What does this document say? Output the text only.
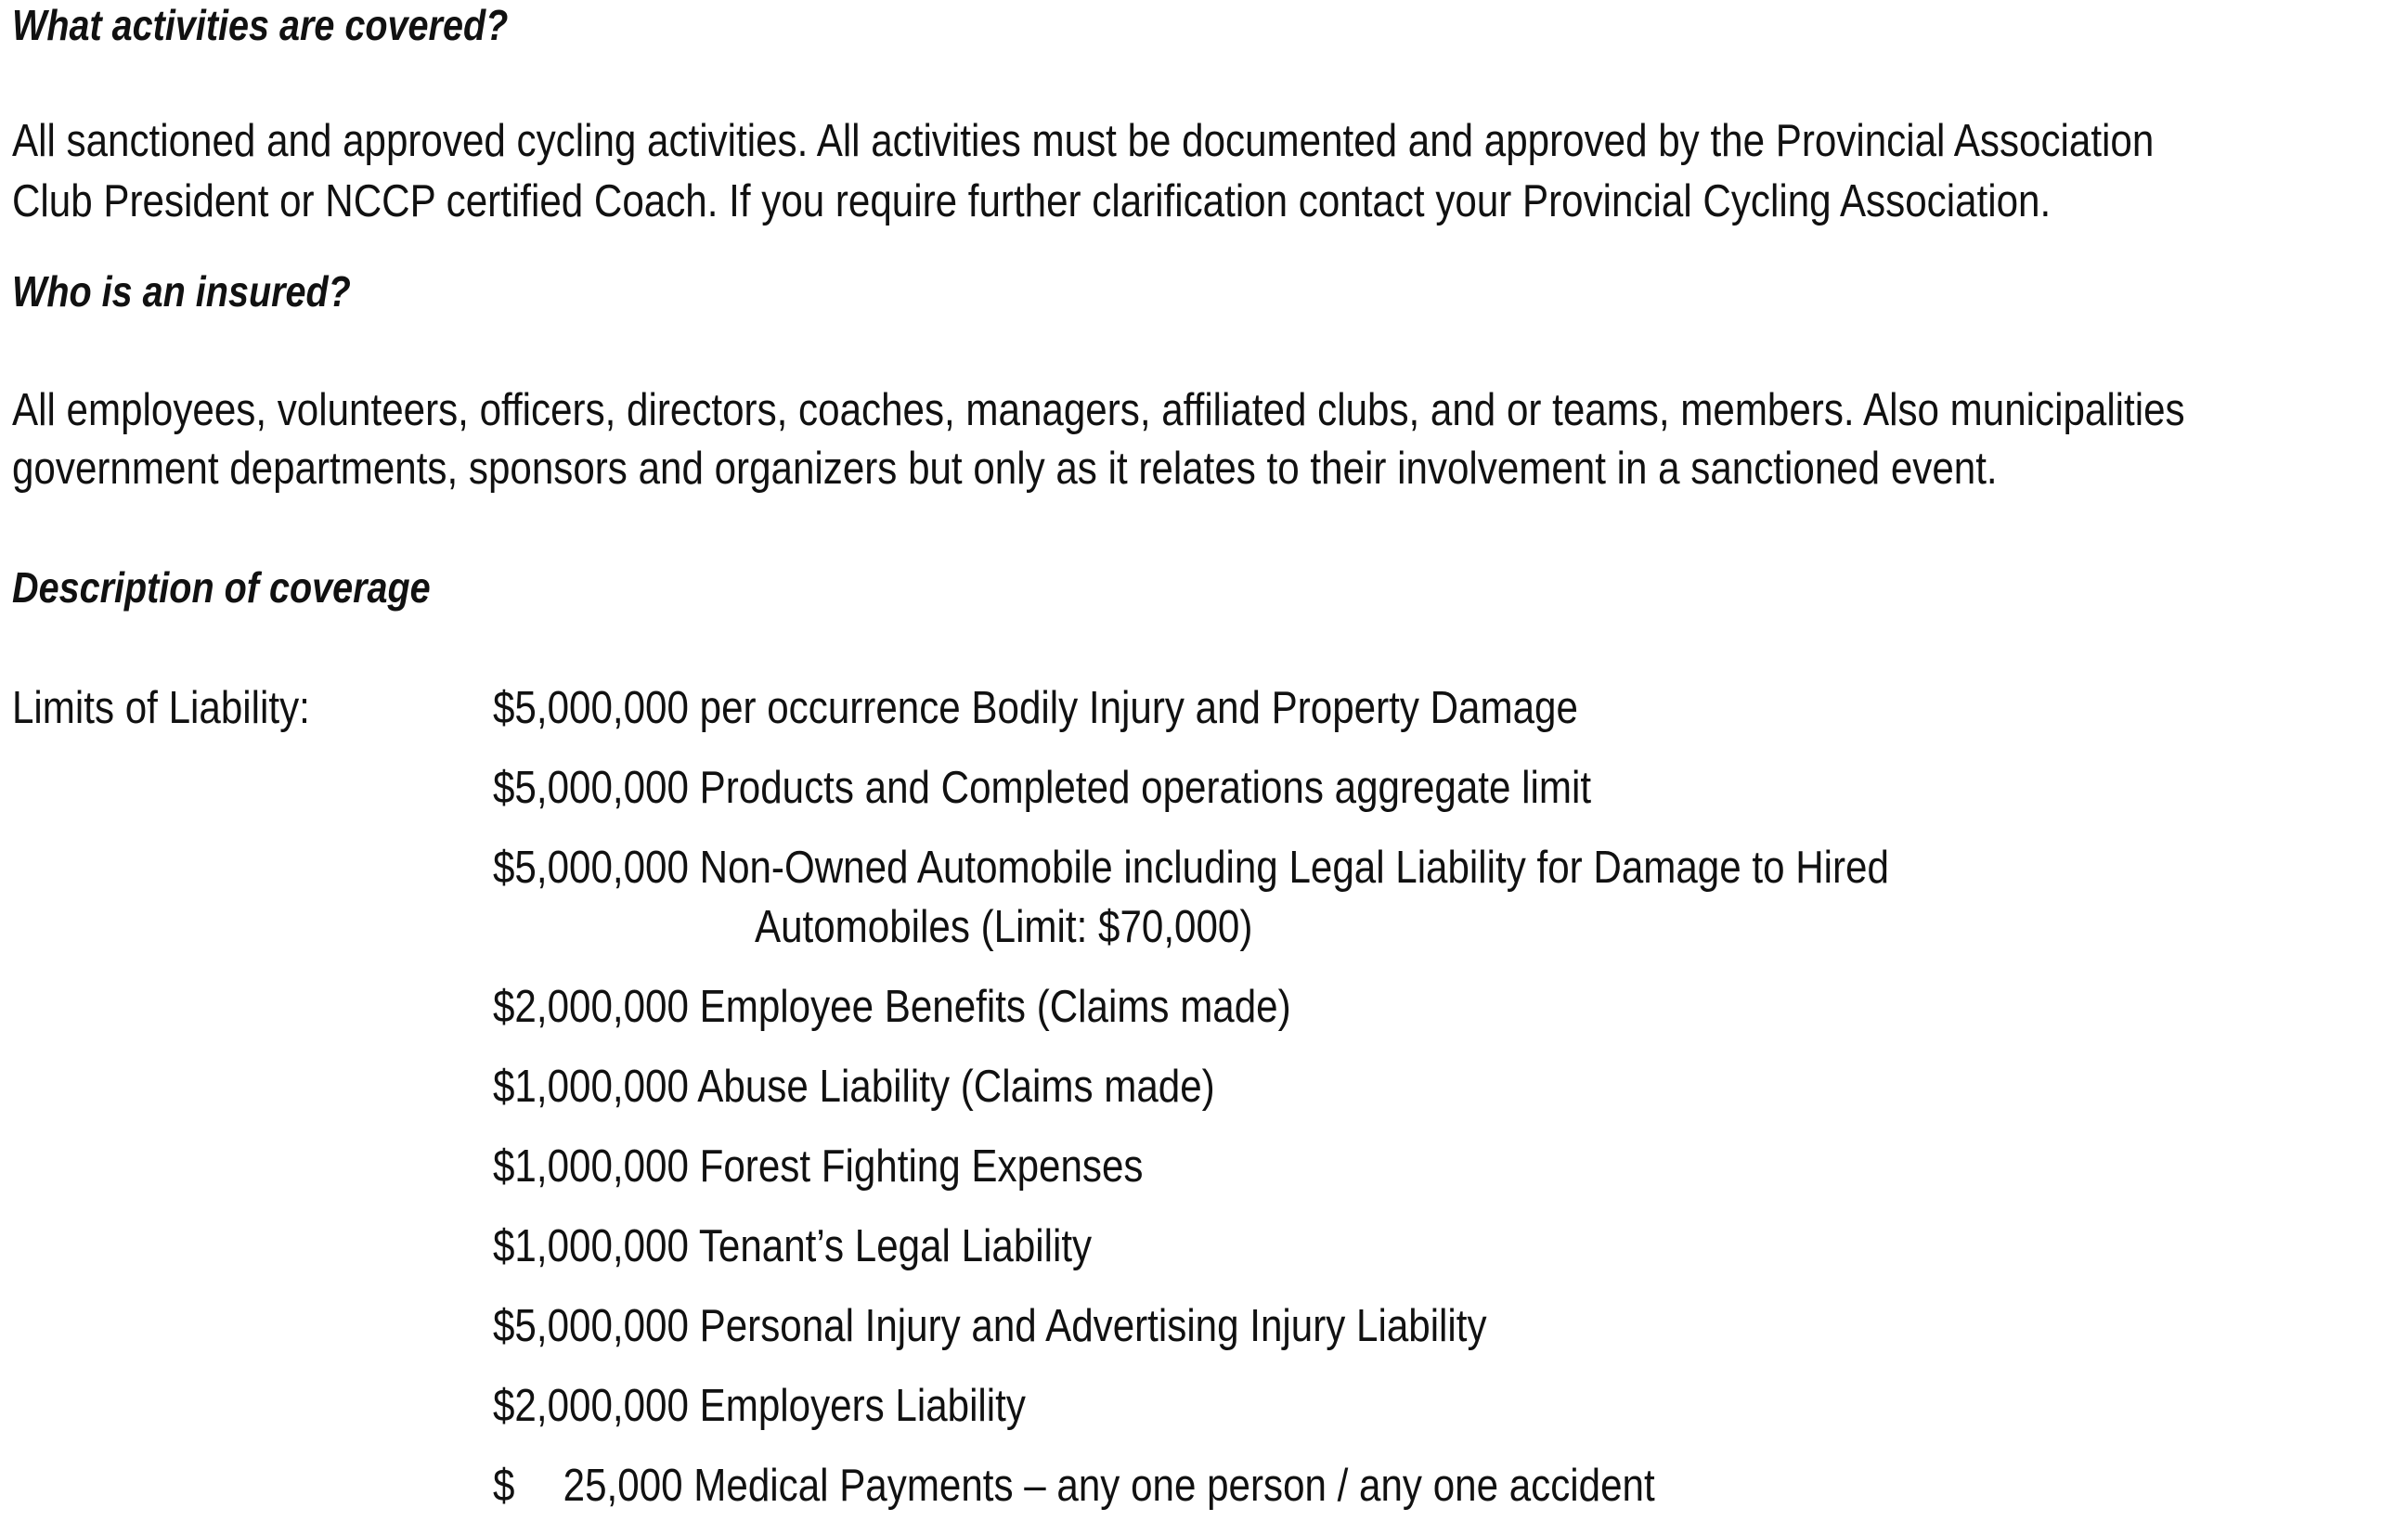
What activities are covered?
All sanctioned and approved cycling activities. All activities must be documented and approved by the Provincial Association
Club President or NCCP certified Coach. If you require further clarification contact your Provincial Cycling Association.
Who is an insured?
All employees, volunteers, officers, directors, coaches, managers, affiliated clubs, and or teams, members. Also municipalities
government departments, sponsors and organizers but only as it relates to their involvement in a sanctioned event.
Description of coverage
Limits of Liability:	$5,000,000 per occurrence Bodily Injury and Property Damage
$5,000,000 Products and Completed operations aggregate limit
$5,000,000 Non-Owned Automobile including Legal Liability for Damage to Hired
Automobiles (Limit: $70,000)
$2,000,000 Employee Benefits (Claims made)
$1,000,000 Abuse Liability (Claims made)
$1,000,000 Forest Fighting Expenses
$1,000,000 Tenant’s Legal Liability
$5,000,000 Personal Injury and Advertising Injury Liability
$2,000,000 Employers Liability
$ 25,000 Medical Payments – any one person / any one accident
